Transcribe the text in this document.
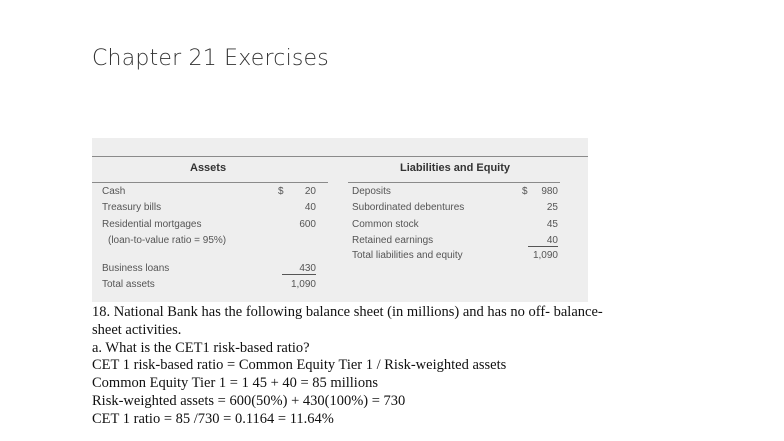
Chapter 21 Exercises
Assets	Liabilities and Equity
Cash	$	20
Treasury bills	40
Residential mortgages	600
(loan-to-value ratio = 95%)
Business loans	430
Total assets	1,090
Deposits	$	980
Subordinated debentures	25
Common stock	45
Retained earnings	40
Total liabilities and equity	1,090
18. National Bank has the following balance sheet (in millions) and has no off- balance-
sheet activities.
a. What is the CET1 risk-based ratio?
CET 1 risk-based ratio = Common Equity Tier 1 / Risk-weighted assets
Common Equity Tier 1 = 1 45 + 40 = 85 millions
Risk-weighted assets = 600(50%) + 430(100%) = 730
CET 1 ratio = 85 /730 = 0.1164 = 11.64%
